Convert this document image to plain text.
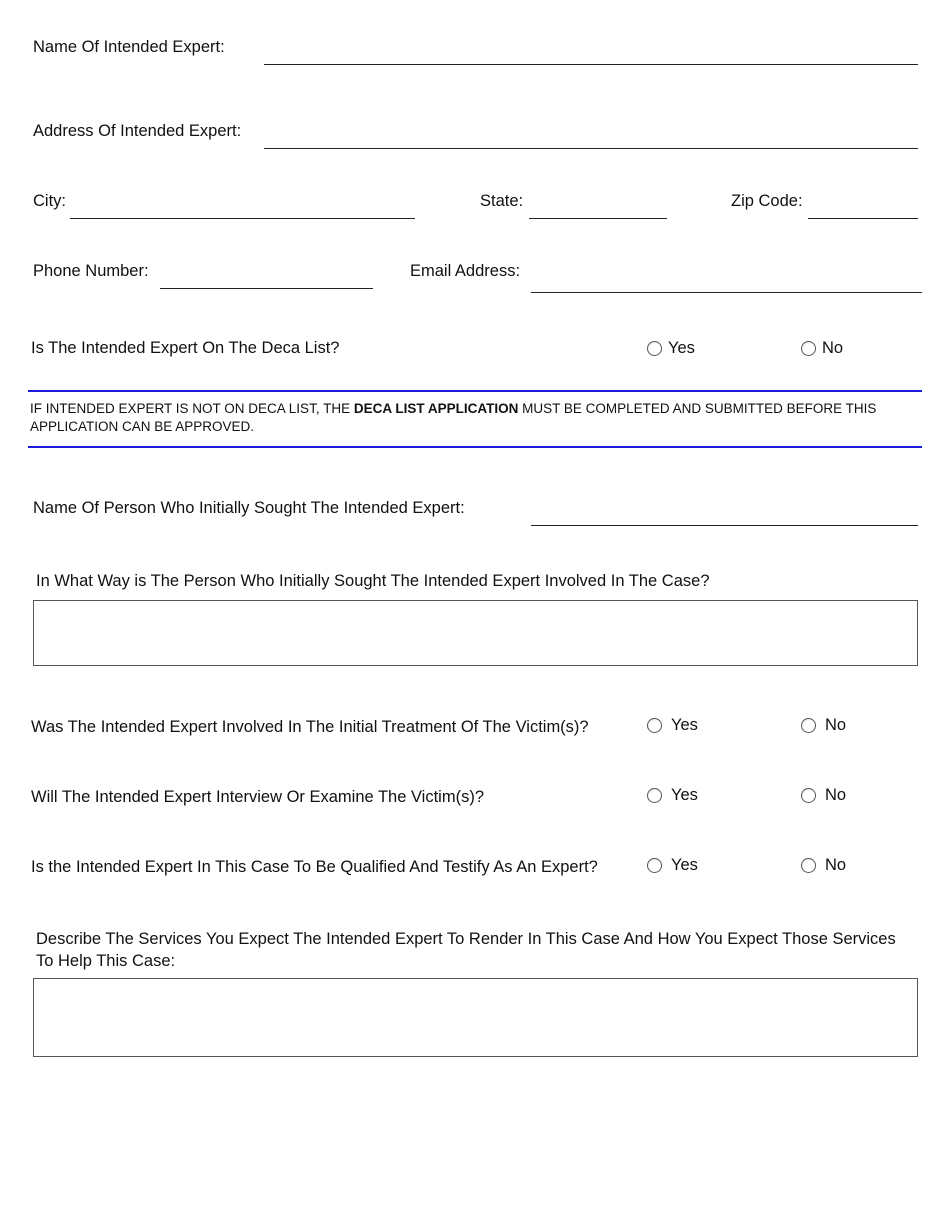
Name Of Intended Expert:
Address Of Intended Expert:
City:	State:	Zip Code:
Phone Number:	Email Address:
Is The Intended Expert On The Deca List?	Yes	No
IF INTENDED EXPERT IS NOT ON DECA LIST, THE DECA LIST APPLICATION MUST BE COMPLETED AND SUBMITTED BEFORE THIS APPLICATION CAN BE APPROVED.
Name Of Person Who Initially Sought The Intended Expert:
In What Way is The Person Who Initially Sought The Intended Expert Involved In The Case?
Was The Intended Expert Involved In The Initial Treatment Of The Victim(s)?	Yes	No
Will The Intended Expert Interview Or Examine The Victim(s)?	Yes	No
Is the Intended Expert In This Case To Be Qualified And Testify As An Expert?	Yes	No
Describe The Services You Expect The Intended Expert To Render In This Case And How You Expect Those Services To Help This Case:
